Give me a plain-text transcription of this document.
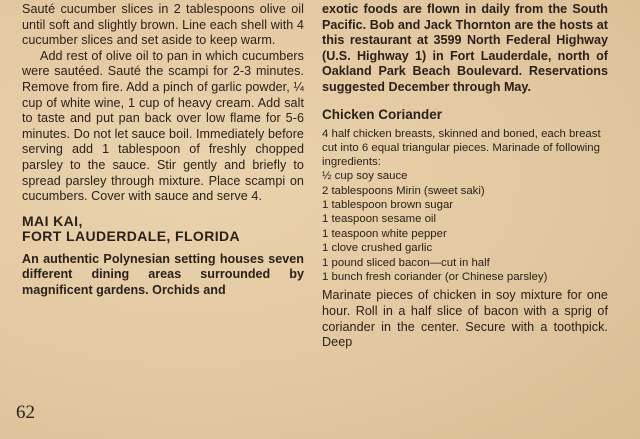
Sauté cucumber slices in 2 tablespoons olive oil until soft and slightly brown. Line each shell with 4 cucumber slices and set aside to keep warm.

Add rest of olive oil to pan in which cucumbers were sautéed. Sauté the scampi for 2-3 minutes. Remove from fire. Add a pinch of garlic powder, ¼ cup of white wine, 1 cup of heavy cream. Add salt to taste and put pan back over low flame for 5-6 minutes. Do not let sauce boil. Immediately before serving add 1 tablespoon of freshly chopped parsley to the sauce. Stir gently and briefly to spread parsley through mixture. Place scampi on cucumbers. Cover with sauce and serve 4.

MAI KAI,
FORT LAUDERDALE, FLORIDA

An authentic Polynesian setting houses seven different dining areas surrounded by magnificent gardens. Orchids and

exotic foods are flown in daily from the South Pacific. Bob and Jack Thornton are the hosts at this restaurant at 3599 North Federal Highway (U.S. Highway 1) in Fort Lauderdale, north of Oakland Park Beach Boulevard. Reservations suggested December through May.

Chicken Coriander

4 half chicken breasts, skinned and boned, each breast cut into 6 equal triangular pieces. Marinade of following ingredients:

½ cup soy sauce
2 tablespoons Mirin (sweet saki)
1 tablespoon brown sugar
1 teaspoon sesame oil
1 teaspoon white pepper
1 clove crushed garlic
1 pound sliced bacon—cut in half
1 bunch fresh coriander (or Chinese parsley)

Marinate pieces of chicken in soy mixture for one hour. Roll in a half slice of bacon with a sprig of coriander in the center. Secure with a toothpick. Deep

62
